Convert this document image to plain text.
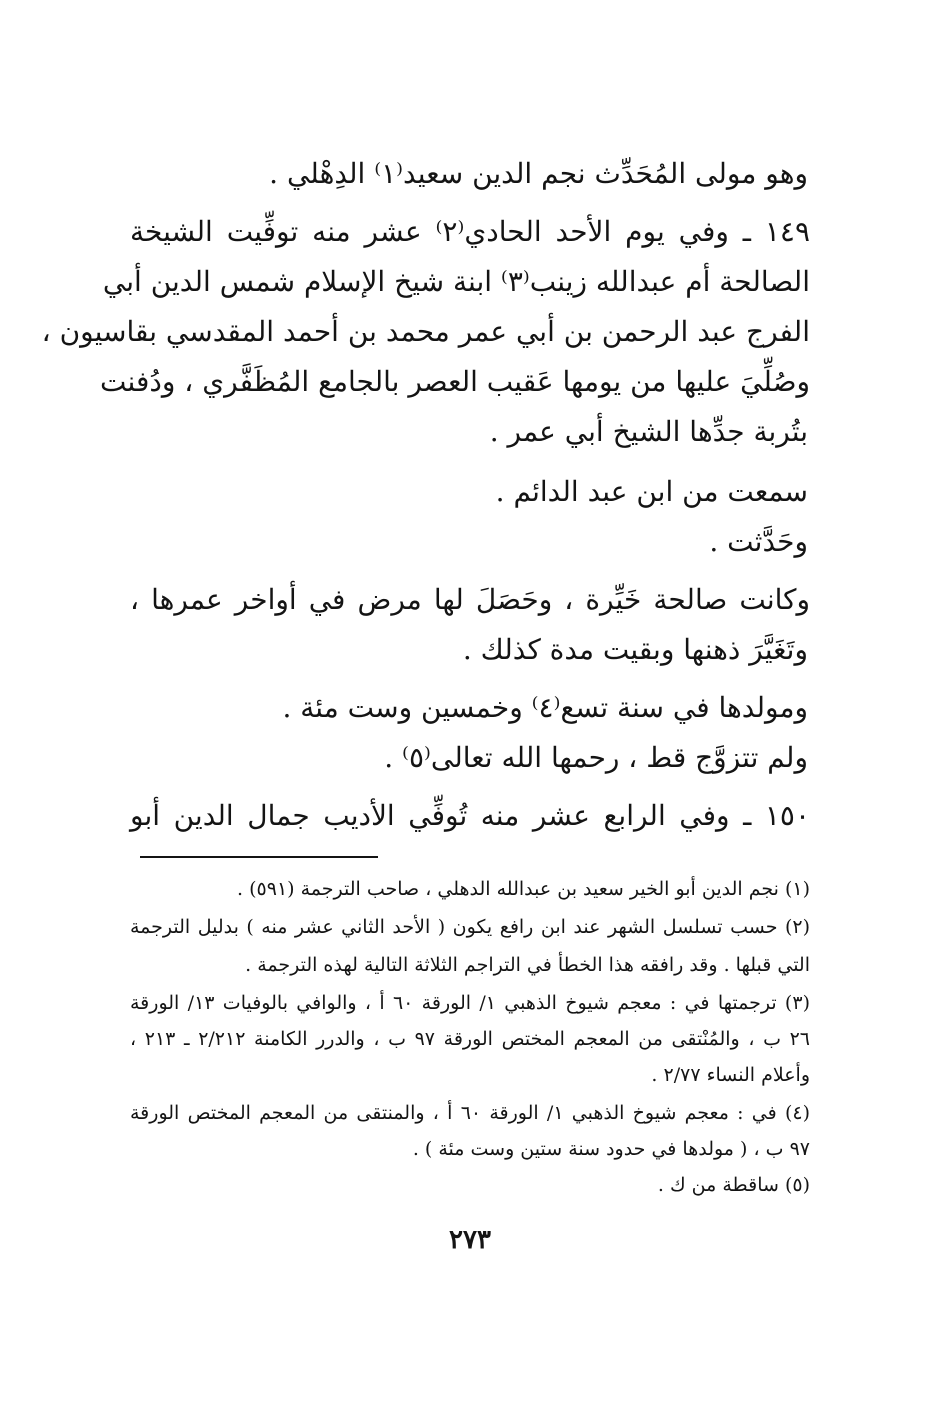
وهو مولى المُحَدِّث نجم الدين سعيد⁽١⁾ الدِهْلي .
١٤٩ ـ وفي يوم الأحد الحادي⁽٢⁾ عشر منه توفِّيت الشيخة
الصالحة أم عبدالله زينب⁽٣⁾ ابنة شيخ الإسلام شمس الدين أبي
الفرج عبد الرحمن بن أبي عمر محمد بن أحمد المقدسي بقاسيون ،
وصُلِّيَ عليها من يومها عَقيب العصر بالجامع المُظَفَّري ، ودُفنت
بتُربة جدِّها الشيخ أبي عمر .
سمعت من ابن عبد الدائم .
وحَدَّثت .
وكانت صالحة خَيِّرة ، وحَصَلَ لها مرض في أواخر عمرها ،
وتَغَيَّرَ ذهنها وبقيت مدة كذلك .
ومولدها في سنة تسع⁽٤⁾ وخمسين وست مئة .
ولم تتزوَّج قط ، رحمها الله تعالى⁽٥⁾ .
١٥٠ ـ وفي الرابع عشر منه تُوفِّي الأديب جمال الدين أبو
(١) نجم الدين أبو الخير سعيد بن عبدالله الدهلي ، صاحب الترجمة (٥٩١) .
(٢) حسب تسلسل الشهر عند ابن رافع يكون ( الأحد الثاني عشر منه ) بدليل الترجمة
التي قبلها . وقد رافقه هذا الخطأ في التراجم الثلاثة التالية لهذه الترجمة .
(٣) ترجمتها في : معجم شيوخ الذهبي ١/ الورقة ٦٠ أ ، والوافي بالوفيات ١٣/ الورقة
٢٦ ب ، والمُنْتقى من المعجم المختص الورقة ٩٧ ب ، والدرر الكامنة ٢/٢١٢ ـ ٢١٣ ،
وأعلام النساء ٢/٧٧ .
(٤) في : معجم شيوخ الذهبي ١/ الورقة ٦٠ أ ، والمنتقى من المعجم المختص الورقة
٩٧ ب ، ( مولدها في حدود سنة ستين وست مئة ) .
(٥) ساقطة من ك .
٢٧٣
